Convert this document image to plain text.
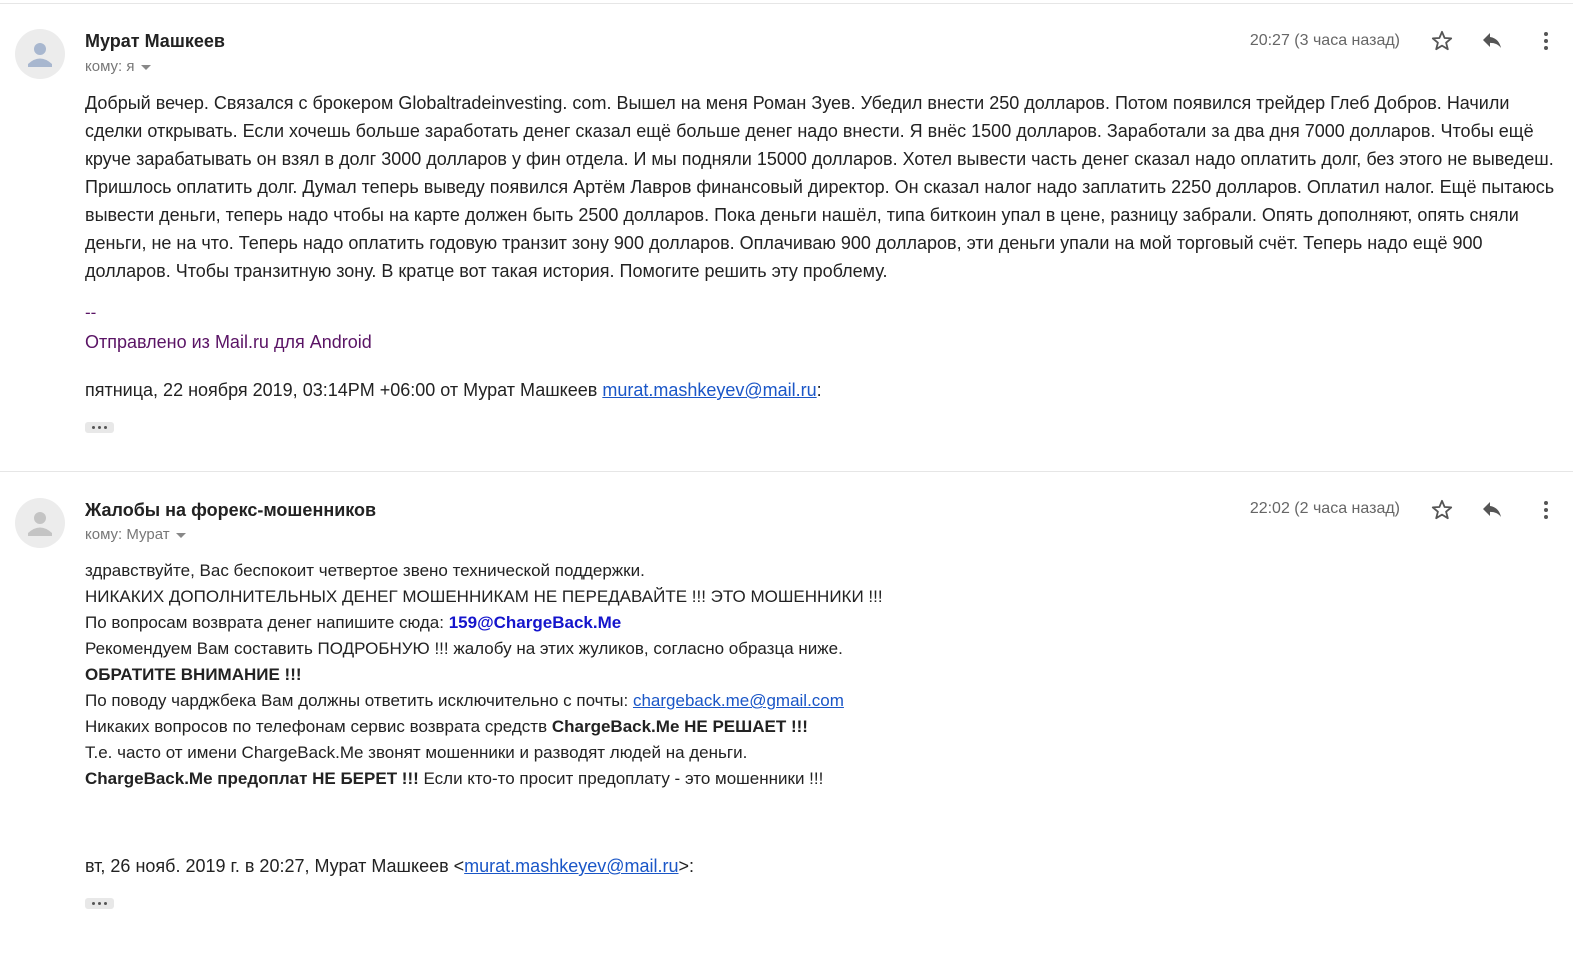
Мурат Машкеев
кому: я
20:27 (3 часа назад)
Добрый вечер. Связался с брокером Globaltradeinvesting. com. Вышел на меня Роман Зуев. Убедил внести 250 долларов. Потом появился трейдер Глеб Добров. Начили сделки открывать. Если хочешь больше заработать денег сказал ещё больше денег надо внести. Я внёс 1500 долларов. Заработали за два дня 7000 долларов. Чтобы ещё круче зарабатывать он взял в долг 3000 долларов у фин отдела. И мы подняли 15000 долларов. Хотел вывести часть денег сказал надо оплатить долг, без этого не выведеш. Пришлось оплатить долг. Думал теперь выведу появился Артём Лавров финансовый директор. Он сказал налог надо заплатить 2250 долларов. Оплатил налог. Ещё пытаюсь вывести деньги, теперь надо чтобы на карте должен быть 2500 долларов. Пока деньги нашёл, типа биткоин упал в цене, разницу забрали. Опять дополняют, опять сняли деньги, не на что. Теперь надо оплатить годовую транзит зону 900 долларов. Оплачиваю 900 долларов, эти деньги упали на мой торговый счёт. Теперь надо ещё 900 долларов. Чтобы транзитную зону. В кратце вот такая история. Помогите решить эту проблему.
--
Отправлено из Mail.ru для Android
пятница, 22 ноября 2019, 03:14PM +06:00 от Мурат Машкеев murat.mashkeyev@mail.ru:
Жалобы на форекс-мошенников
кому: Мурат
22:02 (2 часа назад)
здравствуйте, Вас беспокоит четвертое звено технической поддержки.
НИКАКИХ ДОПОЛНИТЕЛЬНЫХ ДЕНЕГ МОШЕННИКАМ НЕ ПЕРЕДАВАЙТЕ !!! ЭТО МОШЕННИКИ !!!
По вопросам возврата денег напишите сюда: 159@ChargeBack.Me
Рекомендуем Вам составить ПОДРОБНУЮ !!! жалобу на этих жуликов, согласно образца ниже.
ОБРАТИТЕ ВНИМАНИЕ !!!
По поводу чарджбека Вам должны ответить исключительно с почты: chargeback.me@gmail.com
Никаких вопросов по телефонам сервис возврата средств ChargeBack.Me НЕ РЕШАЕТ !!!
Т.е. часто от имени ChargeBack.Me звонят мошенники и разводят людей на деньги.
ChargeBack.Me предоплат НЕ БЕРЕТ !!! Если кто-то просит предоплату - это мошенники !!!
вт, 26 нояб. 2019 г. в 20:27, Мурат Машкеев <murat.mashkeyev@mail.ru>:
